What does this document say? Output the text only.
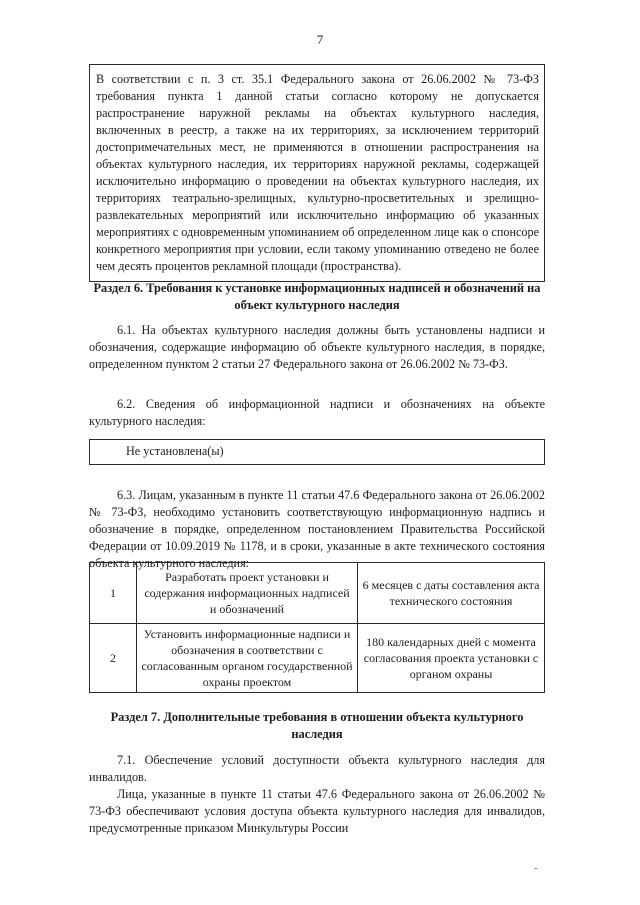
7
В соответствии с п. 3 ст. 35.1 Федерального закона от 26.06.2002 № 73-ФЗ требования пункта 1 данной статьи согласно которому не допускается распространение наружной рекламы на объектах культурного наследия, включенных в реестр, а также на их территориях, за исключением территорий достопримечательных мест, не применяются в отношении распространения на объектах культурного наследия, их территориях наружной рекламы, содержащей исключительно информацию о проведении на объектах культурного наследия, их территориях театрально-зрелищных, культурно-просветительных и зрелищно-развлекательных мероприятий или исключительно информацию об указанных мероприятиях с одновременным упоминанием об определенном лице как о спонсоре конкретного мероприятия при условии, если такому упоминанию отведено не более чем десять процентов рекламной площади (пространства).
Раздел 6. Требования к установке информационных надписей и обозначений на объект культурного наследия

6.1. На объектах культурного наследия должны быть установлены надписи и обозначения, содержащие информацию об объекте культурного наследия, в порядке, определенном пунктом 2 статьи 27 Федерального закона от 26.06.2002 № 73-ФЗ.

6.2. Сведения об информационной надписи и обозначениях на объекте культурного наследия:

Не установлена(ы)

6.3. Лицам, указанным в пункте 11 статьи 47.6 Федерального закона от 26.06.2002 № 73-ФЗ, необходимо установить соответствующую информационную надпись и обозначение в порядке, определенном постановлением Правительства Российской Федерации от 10.09.2019 № 1178, и в сроки, указанные в акте технического состояния объекта культурного наследия:

1	Разработать проект установки и содержания информационных надписей и обозначений	6 месяцев с даты составления акта технического состояния
2	Установить информационные надписи и обозначения в соответствии с согласованным органом государственной охраны проектом	180 календарных дней с момента согласования проекта установки с органом охраны
Раздел 7. Дополнительные требования в отношении объекта культурного наследия

7.1. Обеспечение условий доступности объекта культурного наследия для инвалидов.

Лица, указанные в пункте 11 статьи 47.6 Федерального закона от 26.06.2002 № 73-ФЗ обеспечивают условия доступа объекта культурного наследия для инвалидов, предусмотренные приказом Минкультуры России
